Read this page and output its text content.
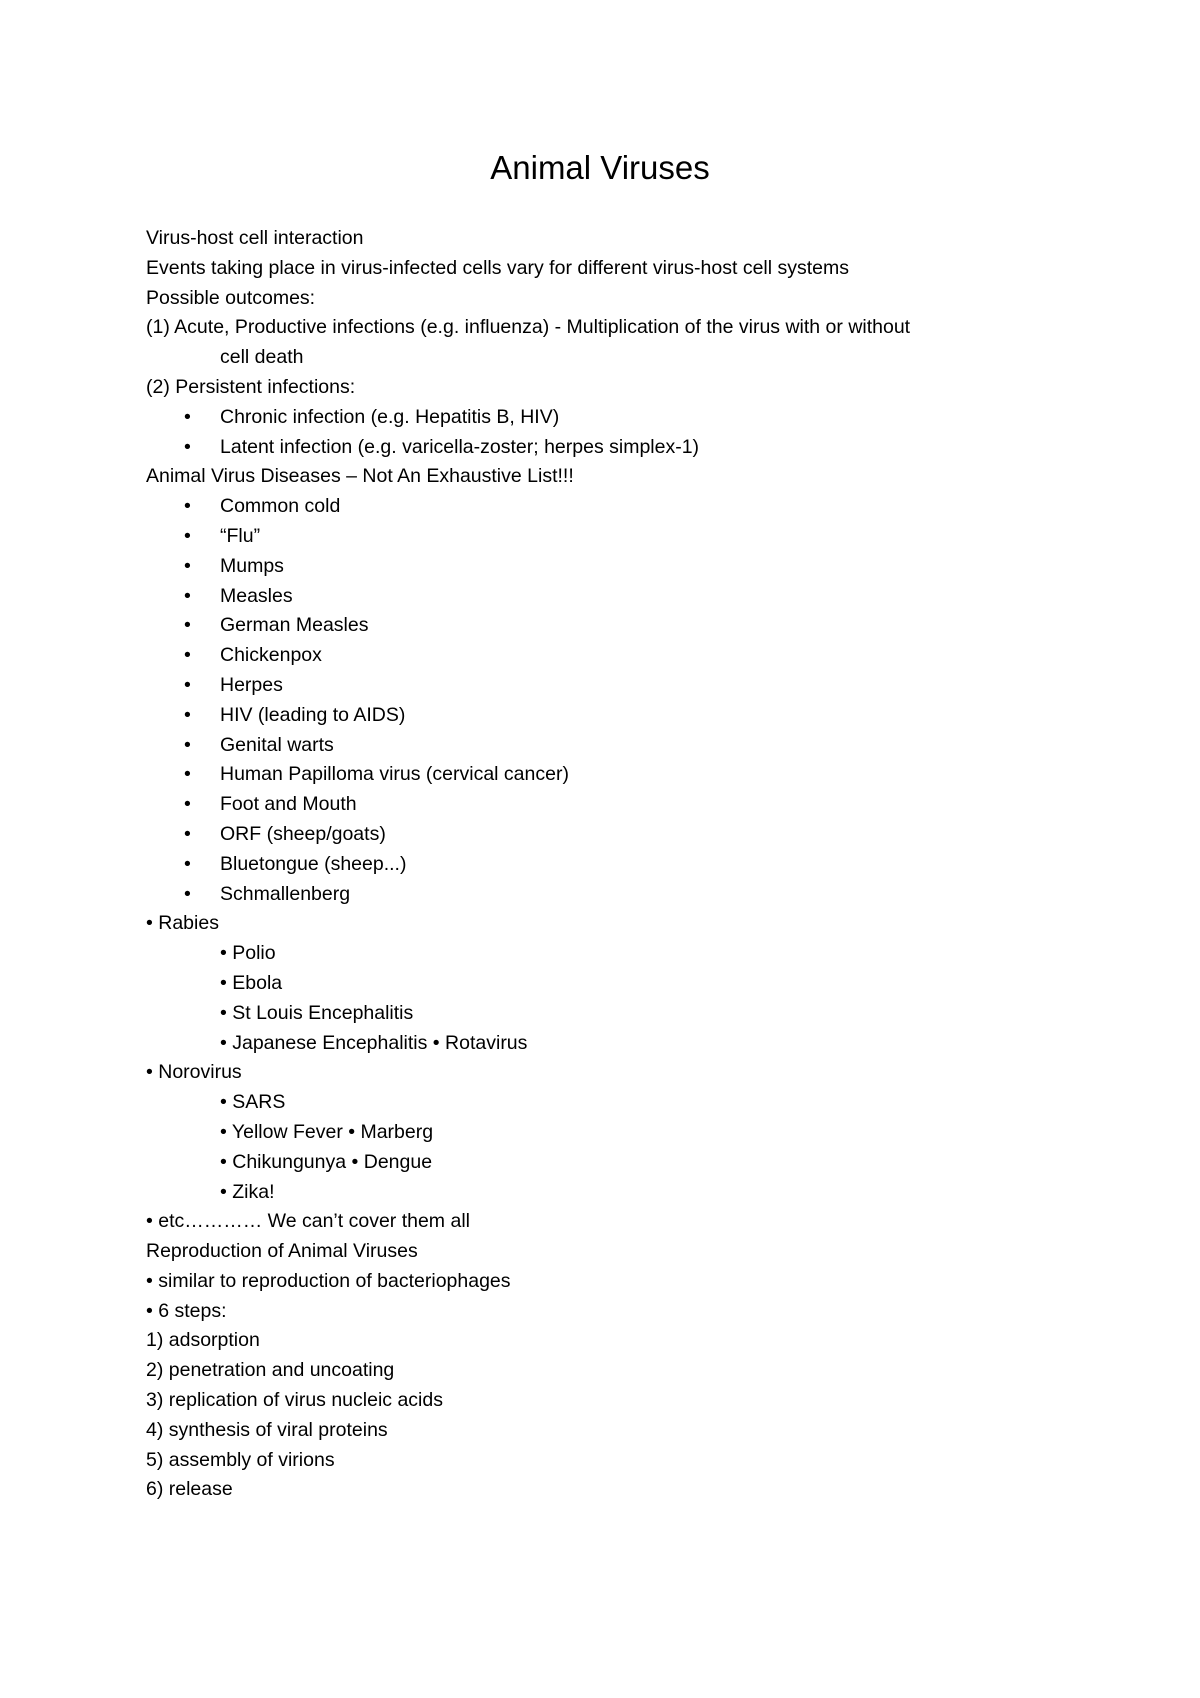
Animal Viruses
Virus-host cell interaction
Events taking place in virus-infected cells vary for different virus-host cell systems
Possible outcomes:
(1) Acute, Productive infections (e.g. influenza) - Multiplication of the virus with or without
cell death
(2) Persistent infections:
• Chronic infection (e.g. Hepatitis B, HIV)
• Latent infection (e.g. varicella-zoster; herpes simplex-1)
Animal Virus Diseases – Not An Exhaustive List!!!
• Common cold
• “Flu”
• Mumps
• Measles
• German Measles
• Chickenpox
• Herpes
• HIV (leading to AIDS)
• Genital warts
• Human Papilloma virus (cervical cancer)
• Foot and Mouth
• ORF (sheep/goats)
• Bluetongue (sheep...)
• Schmallenberg
• Rabies
• Polio
• Ebola
• St Louis Encephalitis
• Japanese Encephalitis • Rotavirus
• Norovirus
• SARS
• Yellow Fever • Marberg
• Chikungunya • Dengue
• Zika!
• etc………… We can’t cover them all
Reproduction of Animal Viruses
• similar to reproduction of bacteriophages
• 6 steps:
1) adsorption
2) penetration and uncoating
3) replication of virus nucleic acids
4) synthesis of viral proteins
5) assembly of virions
6) release
